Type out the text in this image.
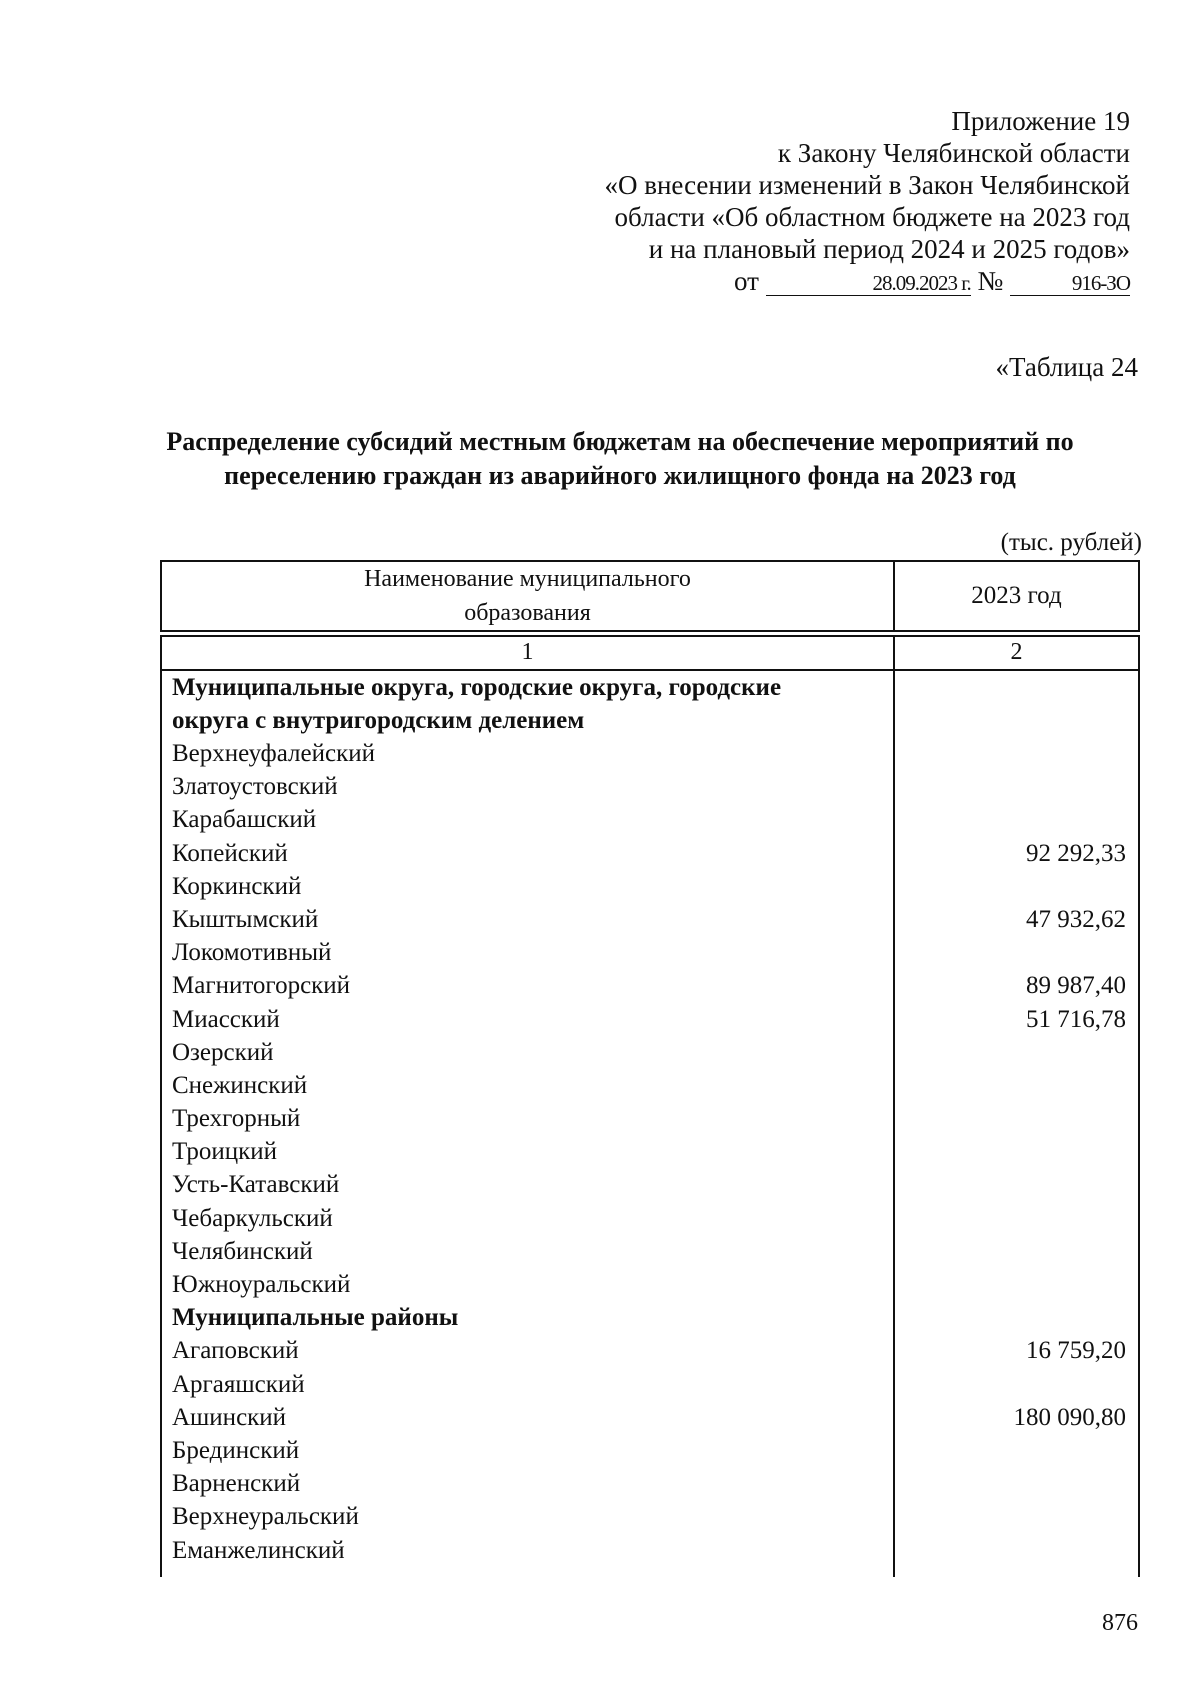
Приложение 19
к Закону Челябинской области
«О внесении изменений в Закон Челябинской
области «Об областном бюджете на 2023 год
и на плановый период 2024 и 2025 годов»
от	28.09.2023 г. №	916-ЗО
«Таблица 24
Распределение субсидий местным бюджетам на обеспечение мероприятий по
переселению граждан из аварийного жилищного фонда на 2023 год
(тыс. рублей)
Наименование муниципального
образования
2023 год
1	2
Муниципальные округа, городские округа, городские
округа с внутригородским делением
Верхнеуфалейский
Златоустовский
Карабашский
Копейский	92 292,33
Коркинский
Кыштымский	47 932,62
Локомотивный
Магнитогорский	89 987,40
Миасский	51 716,78
Озерский
Снежинский
Трехгорный
Троицкий
Усть-Катавский
Чебаркульский
Челябинский
Южноуральский
Муниципальные районы
Агаповский	16 759,20
Аргаяшский
Ашинский	180 090,80
Брединский
Варненский
Верхнеуральский
Еманжелинский
876
